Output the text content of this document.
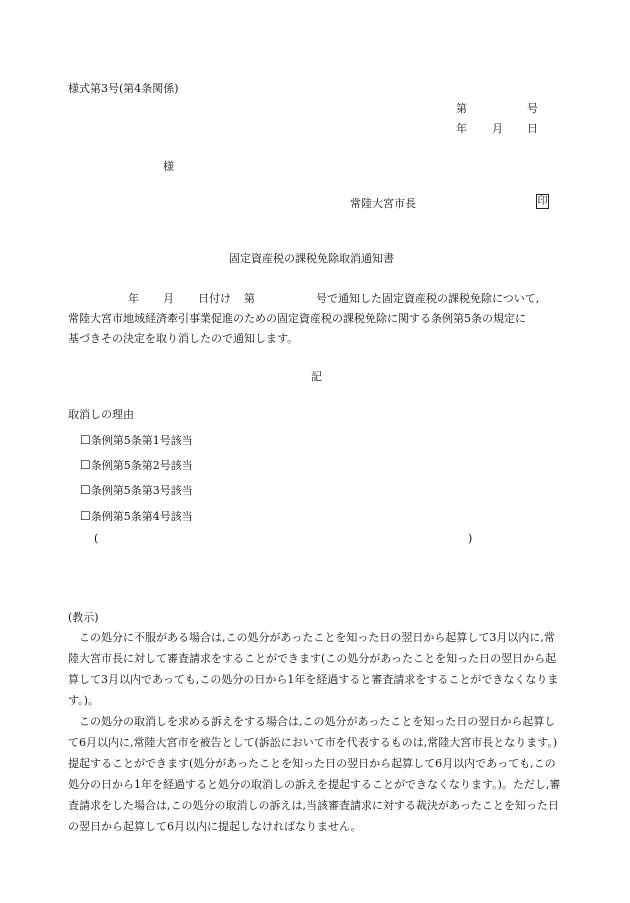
様式第3号(第4条関係)
第	号
年 月 日
様
常陸大宮市長	印
固定資産税の課税免除取消通知書
年 月 日付け 第	号で通知した固定資産税の課税免除について,
常陸大宮市地域経済牽引事業促進のための固定資産税の課税免除に関する条例第5条の規定に
基づきその決定を取り消したので通知します。
記
取消しの理由
☐条例第5条第1号該当
☐条例第5条第2号該当
☐条例第5条第3号該当
☐条例第5条第4号該当
(	)
(教示)

この処分に不服がある場合は,この処分があったことを知った日の翌日から起算して3月以内に,常陸大宮市長に対して審査請求をすることができます(この処分があったことを知った日の翌日から起算して3月以内であっても,この処分の日から1年を経過すると審査請求をすることができなくなります。)。

この処分の取消しを求める訴えをする場合は,この処分があったことを知った日の翌日から起算して6月以内に,常陸大宮市を被告として(訴訟において市を代表するものは,常陸大宮市長となります。)提起することができます(処分があったことを知った日の翌日から起算して6月以内であっても,この処分の日から1年を経過すると処分の取消しの訴えを提起することができなくなります。)。ただし,審査請求をした場合は,この処分の取消しの訴えは,当該審査請求に対する裁決があったことを知った日の翌日から起算して6月以内に提起しなければなりません。
